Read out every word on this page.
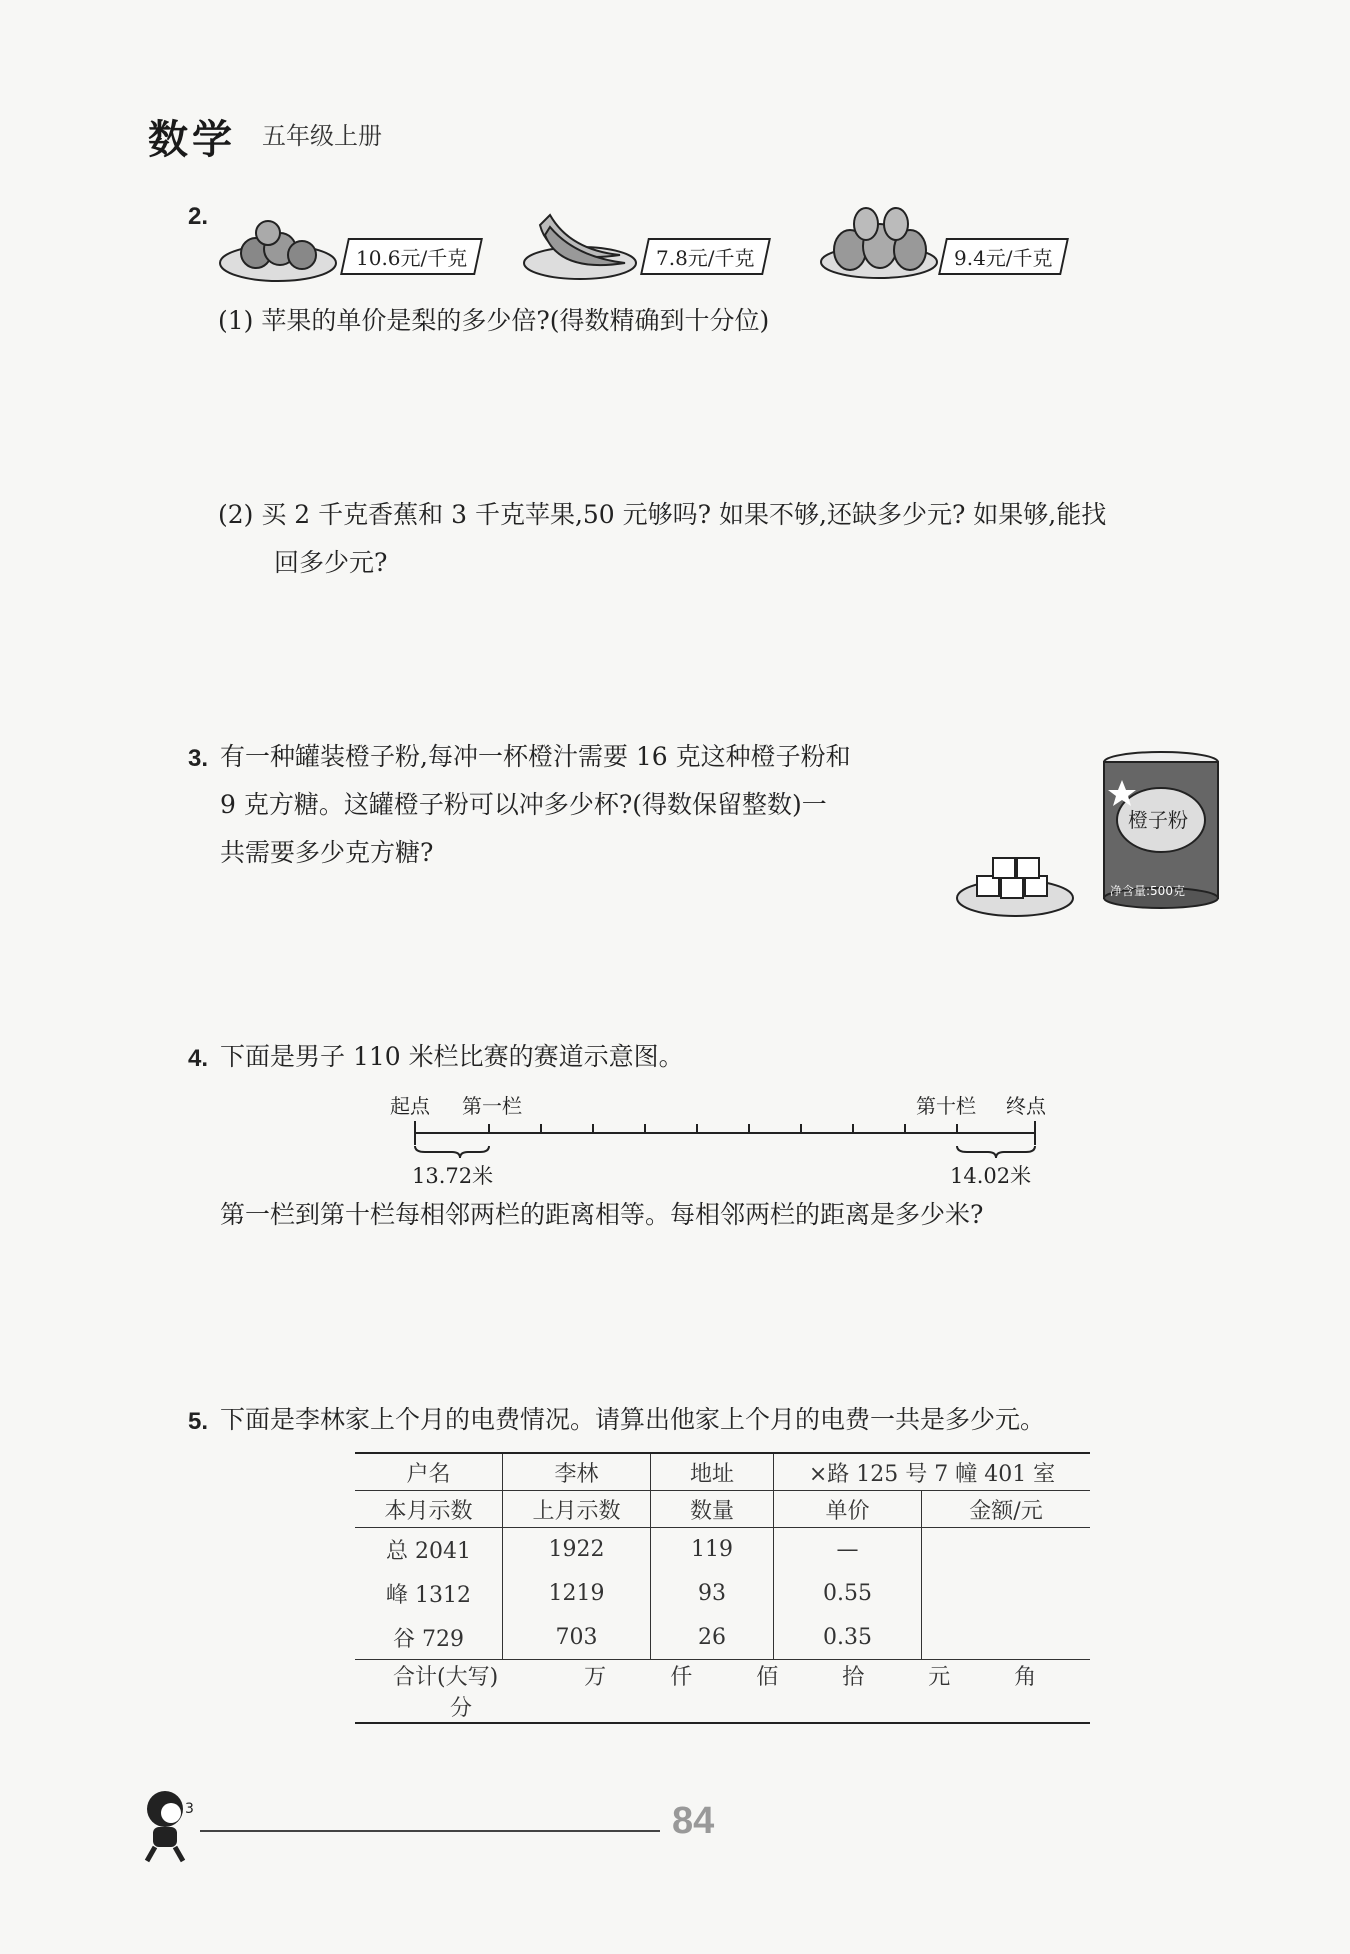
数学 五年级上册
2.
10.6元/千克	7.8元/千克	9.4元/千克
(1) 苹果的单价是梨的多少倍?(得数精确到十分位)
(2) 买 2 千克香蕉和 3 千克苹果,50 元够吗? 如果不够,还缺多少元? 如果够,能找
回多少元?
3. 有一种罐装橙子粉,每冲一杯橙汁需要 16 克这种橙子粉和
9 克方糖。这罐橙子粉可以冲多少杯?(得数保留整数)一
共需要多少克方糖?
橙子粉
净含量:500克
4. 下面是男子 110 米栏比赛的赛道示意图。
起点 第一栏	第十栏 终点
13.72米	14.02米
第一栏到第十栏每相邻两栏的距离相等。每相邻两栏的距离是多少米?
5. 下面是李林家上个月的电费情况。请算出他家上个月的电费一共是多少元。
户名	李林	地址	×路 125 号 7 幢 401 室	
本月示数	上月示数	数量	单价	金额/元
总 2041	1922	119	—	
峰 1312	1219	93	0.55	
谷 729	703	26	0.35	
合计(大写) 万 仟 佰 拾 元 角  分				
3	84
